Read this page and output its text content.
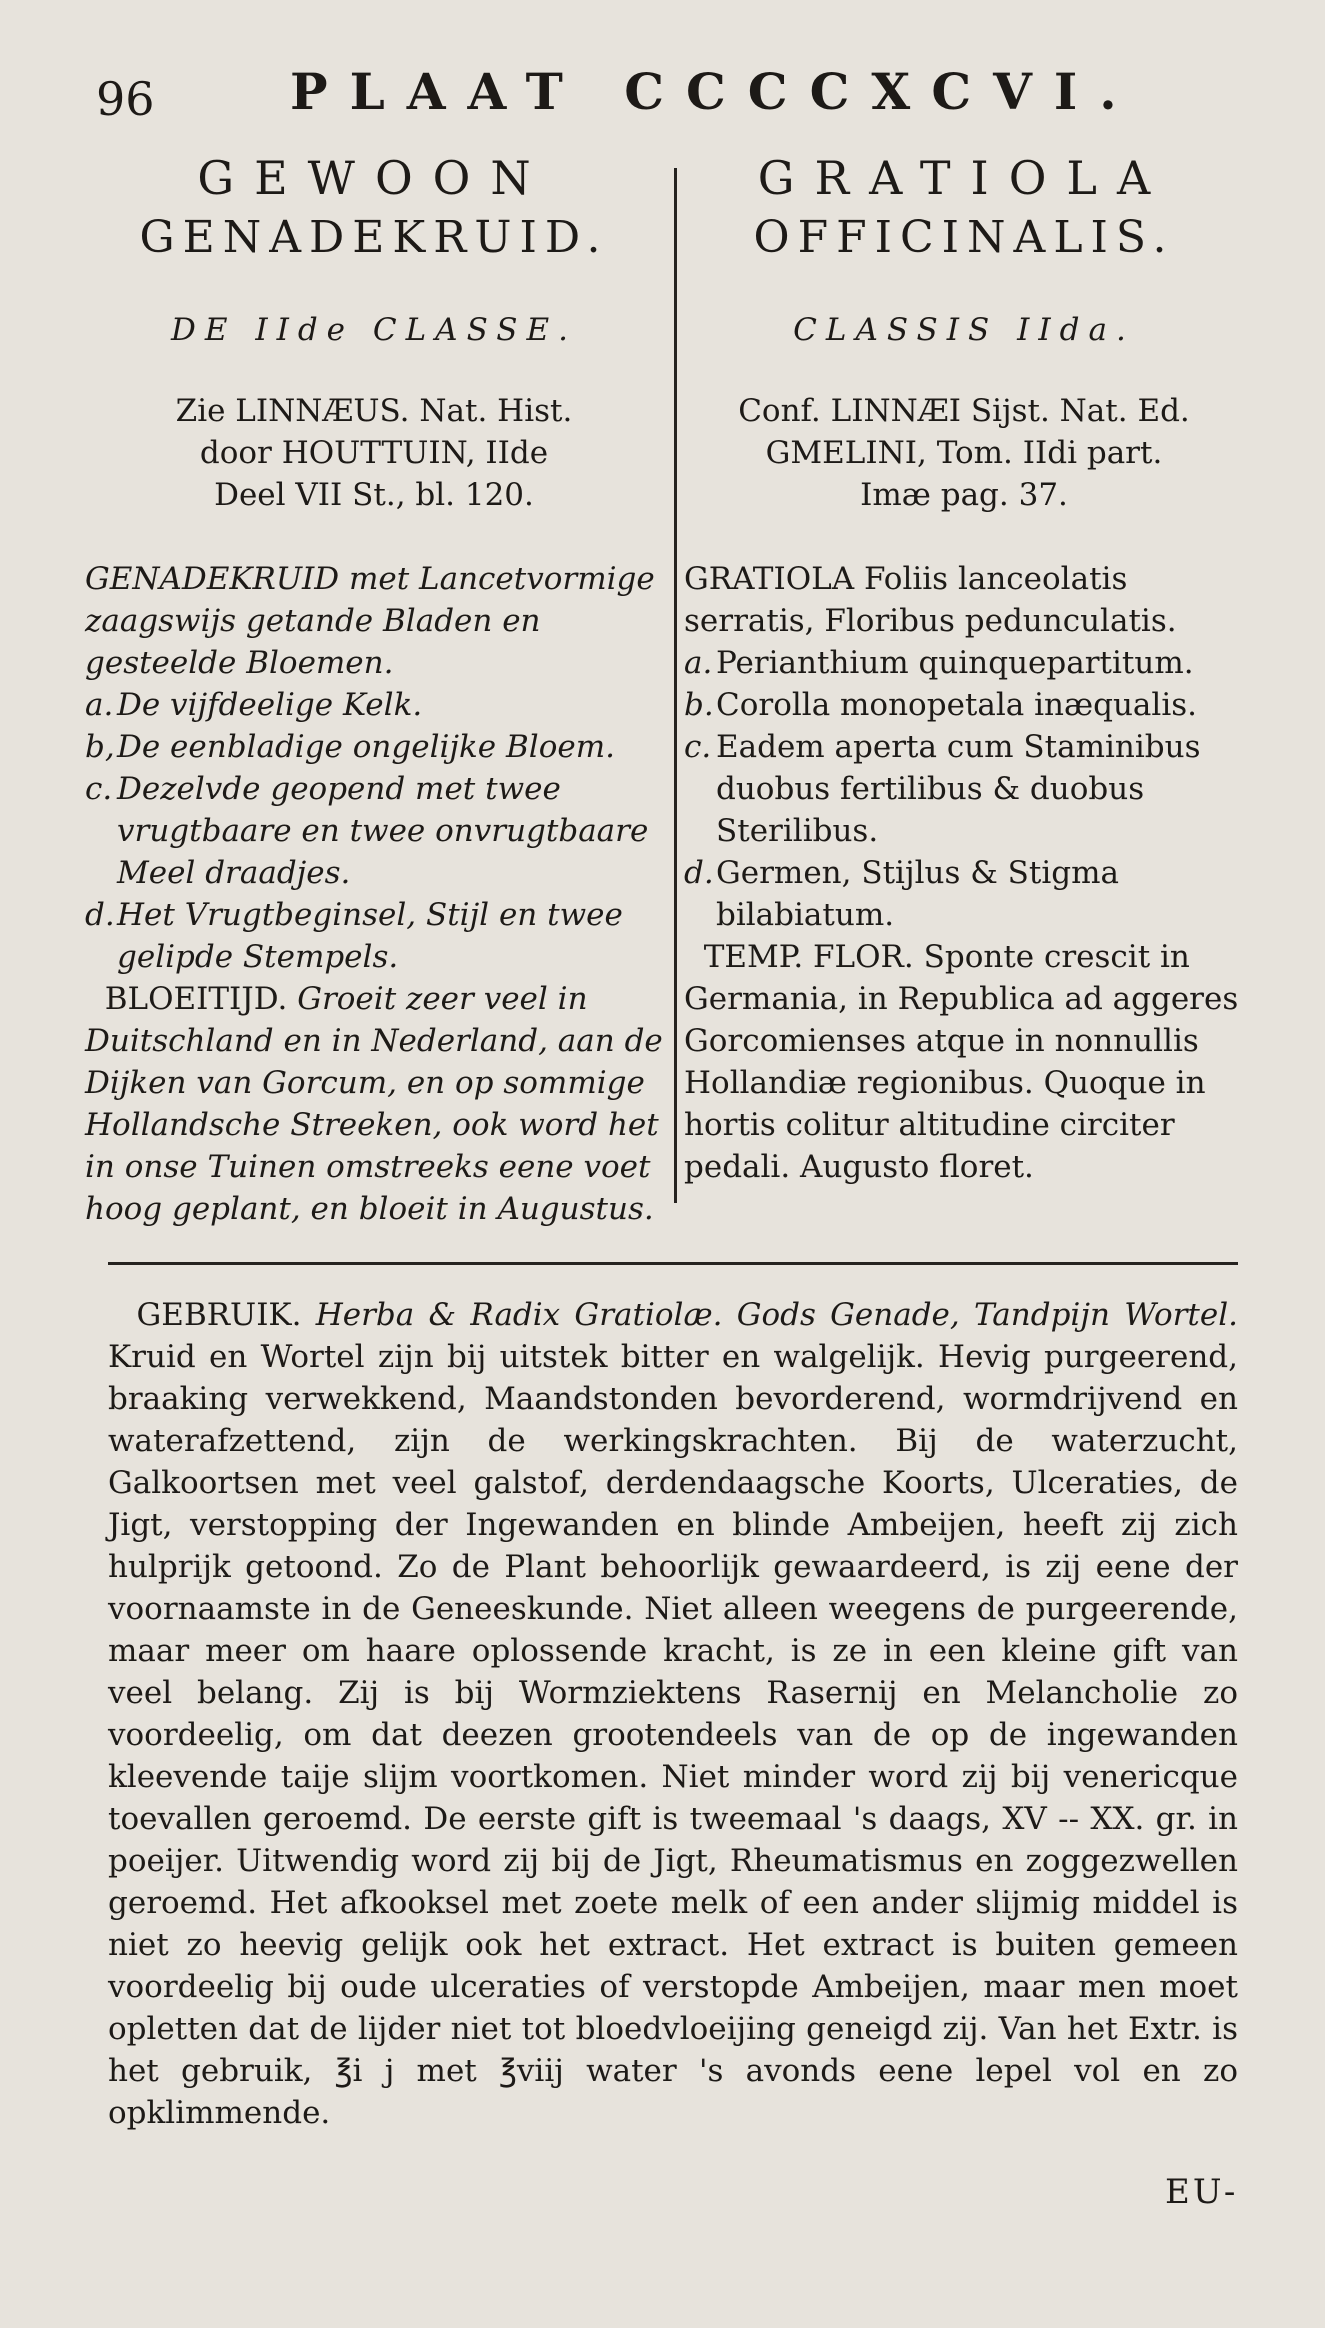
96	PLAAT CCCCXCVI.
GEWOON
GENADEKRUID.
DE IIde CLASSE.
Zie LINNÆUS. Nat. Hist.
door HOUTTUIN, IIde
Deel VII St., bl. 120.

GENADEKRUID met Lancetvormige zaagswijs getande Bladen en gesteelde Bloemen.

a. De vijfdeelige Kelk.
b, De eenbladige ongelijke Bloem.
c. Dezelvde geopend met twee vrugtbaare en twee onvrugtbaare Meel draadjes.
d. Het Vrugtbeginsel, Stijl en twee gelipde Stempels.

BLOEITIJD. Groeit zeer veel in Duitschland en in Nederland, aan de Dijken van Gorcum, en op sommige Hollandsche Streeken, ook word het in onse Tuinen omstreeks eene voet hoog geplant, en bloeit in Augustus.

GRATIOLA
OFFICINALIS.
CLASSIS IIda.
Conf. LINNÆI Sijst. Nat. Ed.
GMELINI, Tom. IIdi part.
Imæ pag. 37.

GRATIOLA Foliis lanceolatis serratis, Floribus pedunculatis.

a. Perianthium quinquepartitum.
b. Corolla monopetala inæqualis.
c. Eadem aperta cum Staminibus duobus fertilibus & duobus Sterilibus.
d. Germen, Stijlus & Stigma bilabiatum.

TEMP. FLOR. Sponte crescit in Germania, in Republica ad aggeres Gorcomienses atque in nonnullis Hollandiæ regionibus. Quoque in hortis colitur altitudine circiter pedali. Augusto floret.

GEBRUIK. Herba & Radix Gratiolæ. Gods Genade, Tandpijn Wortel. Kruid en Wortel zijn bij uitstek bitter en walgelijk. Hevig purgeerend, braaking verwekkend, Maandstonden bevorderend, wormdrijvend en waterafzettend, zijn de werkingskrachten. Bij de waterzucht, Galkoortsen met veel galstof, derdendaagsche Koorts, Ulceraties, de Jigt, verstopping der Ingewanden en blinde Ambeijen, heeft zij zich hulprijk getoond. Zo de Plant behoorlijk gewaardeerd, is zij eene der voornaamste in de Geneeskunde. Niet alleen weegens de purgeerende, maar meer om haare oplossende kracht, is ze in een kleine gift van veel belang. Zij is bij Wormziektens Rasernij en Melancholie zo voordeelig, om dat deezen grootendeels van de op de ingewanden kleevende taije slijm voortkomen. Niet minder word zij bij venericque toevallen geroemd. De eerste gift is tweemaal 's daags, XV -- XX. gr. in poeijer. Uitwendig word zij bij de Jigt, Rheumatismus en zoggezwellen geroemd. Het afkooksel met zoete melk of een ander slijmig middel is niet zo heevig gelijk ook het extract. Het extract is buiten gemeen voordeelig bij oude ulceraties of verstopde Ambeijen, maar men moet opletten dat de lijder niet tot bloedvloeijing geneigd zij. Van het Extr. is het gebruik, ℥i j met ℥viij water 's avonds eene lepel vol en zo opklimmende.

EU-
